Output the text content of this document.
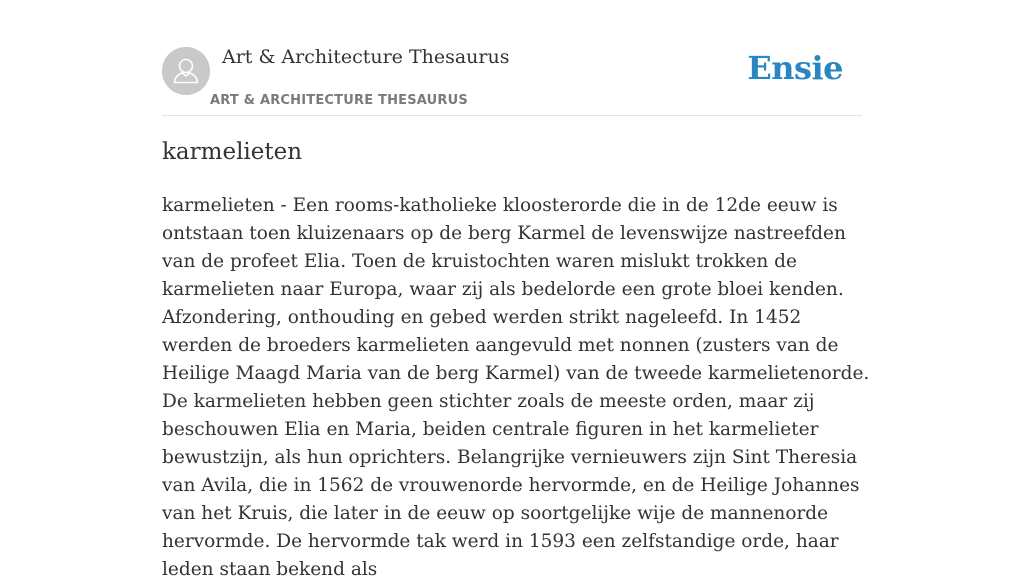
Art & Architecture Thesaurus
ART & ARCHITECTURE THESAURUS
Ensie
karmelieten

karmelieten - Een rooms-katholieke kloosterorde die in de 12de eeuw is ontstaan toen kluizenaars op de berg Karmel de levenswijze nastreefden van de profeet Elia. Toen de kruistochten waren mislukt trokken de karmelieten naar Europa, waar zij als bedelorde een grote bloei kenden. Afzondering, onthouding en gebed werden strikt nageleefd. In 1452 werden de broeders karmelieten aangevuld met nonnen (zusters van de Heilige Maagd Maria van de berg Karmel) van de tweede karmelietenorde. De karmelieten hebben geen stichter zoals de meeste orden, maar zij beschouwen Elia en Maria, beiden centrale figuren in het karmelieter bewustzijn, als hun oprichters. Belangrijke vernieuwers zijn Sint Theresia van Avila, die in 1562 de vrouwenorde hervormde, en de Heilige Johannes van het Kruis, die later in de eeuw op soortgelijke wije de mannenorde hervormde. De hervormde tak werd in 1593 een zelfstandige orde, haar leden staan bekend als
